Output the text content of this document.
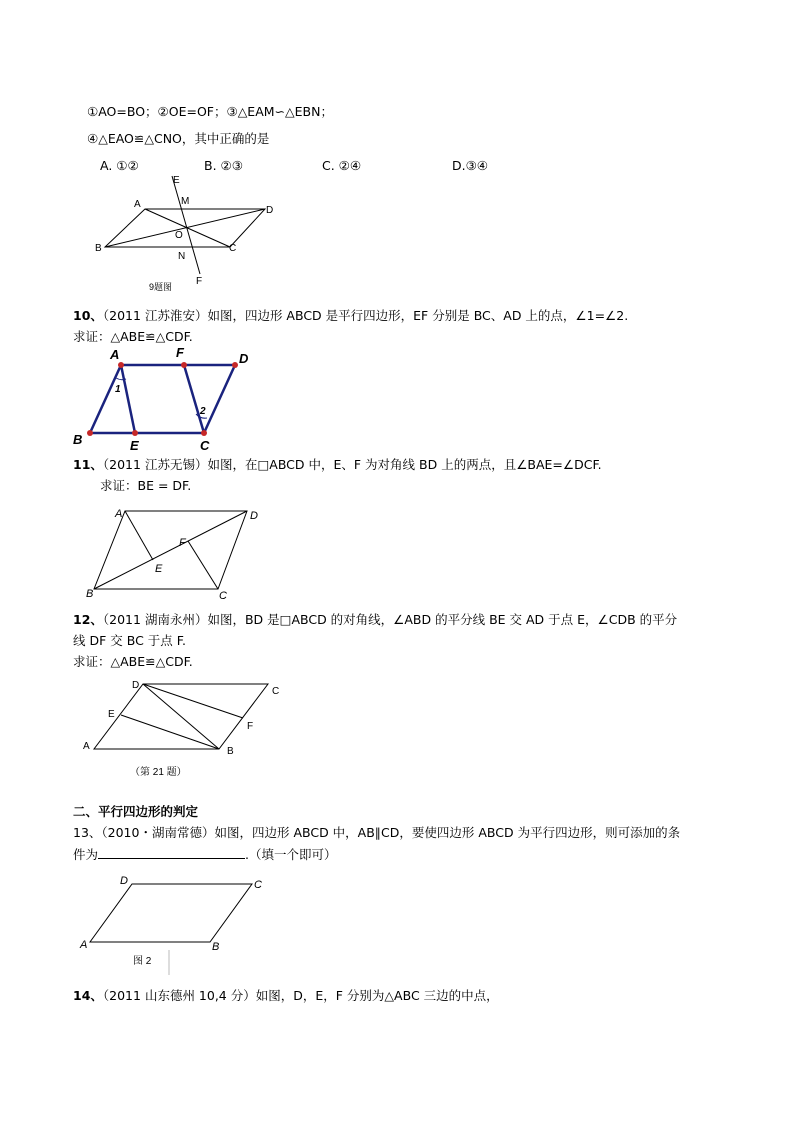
①AO=BO；②OE=OF；③△EAM∽△EBN；
④△EAO≌△CNO，其中正确的是
A. ①②	B. ②③	C. ②④	D.③④
E
M
A
D
O
B
N
C
F
9题图
10、（2011 江苏淮安）如图，四边形 ABCD 是平行四边形，EF 分别是 BC、AD 上的点，∠1=∠2.
求证：△ABE≌△CDF.
A	F	D
B	E	C
1
2
11、（2011 江苏无锡）如图，在□ABCD 中，E、F 为对角线 BD 上的两点，且∠BAE=∠DCF.
求证：BE = DF.
A	D
F
E
B	C
12、（2011 湖南永州）如图，BD 是□ABCD 的对角线，∠ABD 的平分线 BE 交 AD 于点 E，∠CDB 的平分
线 DF 交 BC 于点 F.
求证：△ABE≌△CDF.
D
C
E
F
A	B
（第 21 题）
二、平行四边形的判定
13、（2010・湖南常德）如图，四边形 ABCD 中，AB∥CD，要使四边形 ABCD 为平行四边形，则可添加的条
件为	.（填一个即可）
D	C
A	B
图 2
14、（2011 山东德州 10,4 分）如图，D，E，F 分别为△ABC 三边的中点，
